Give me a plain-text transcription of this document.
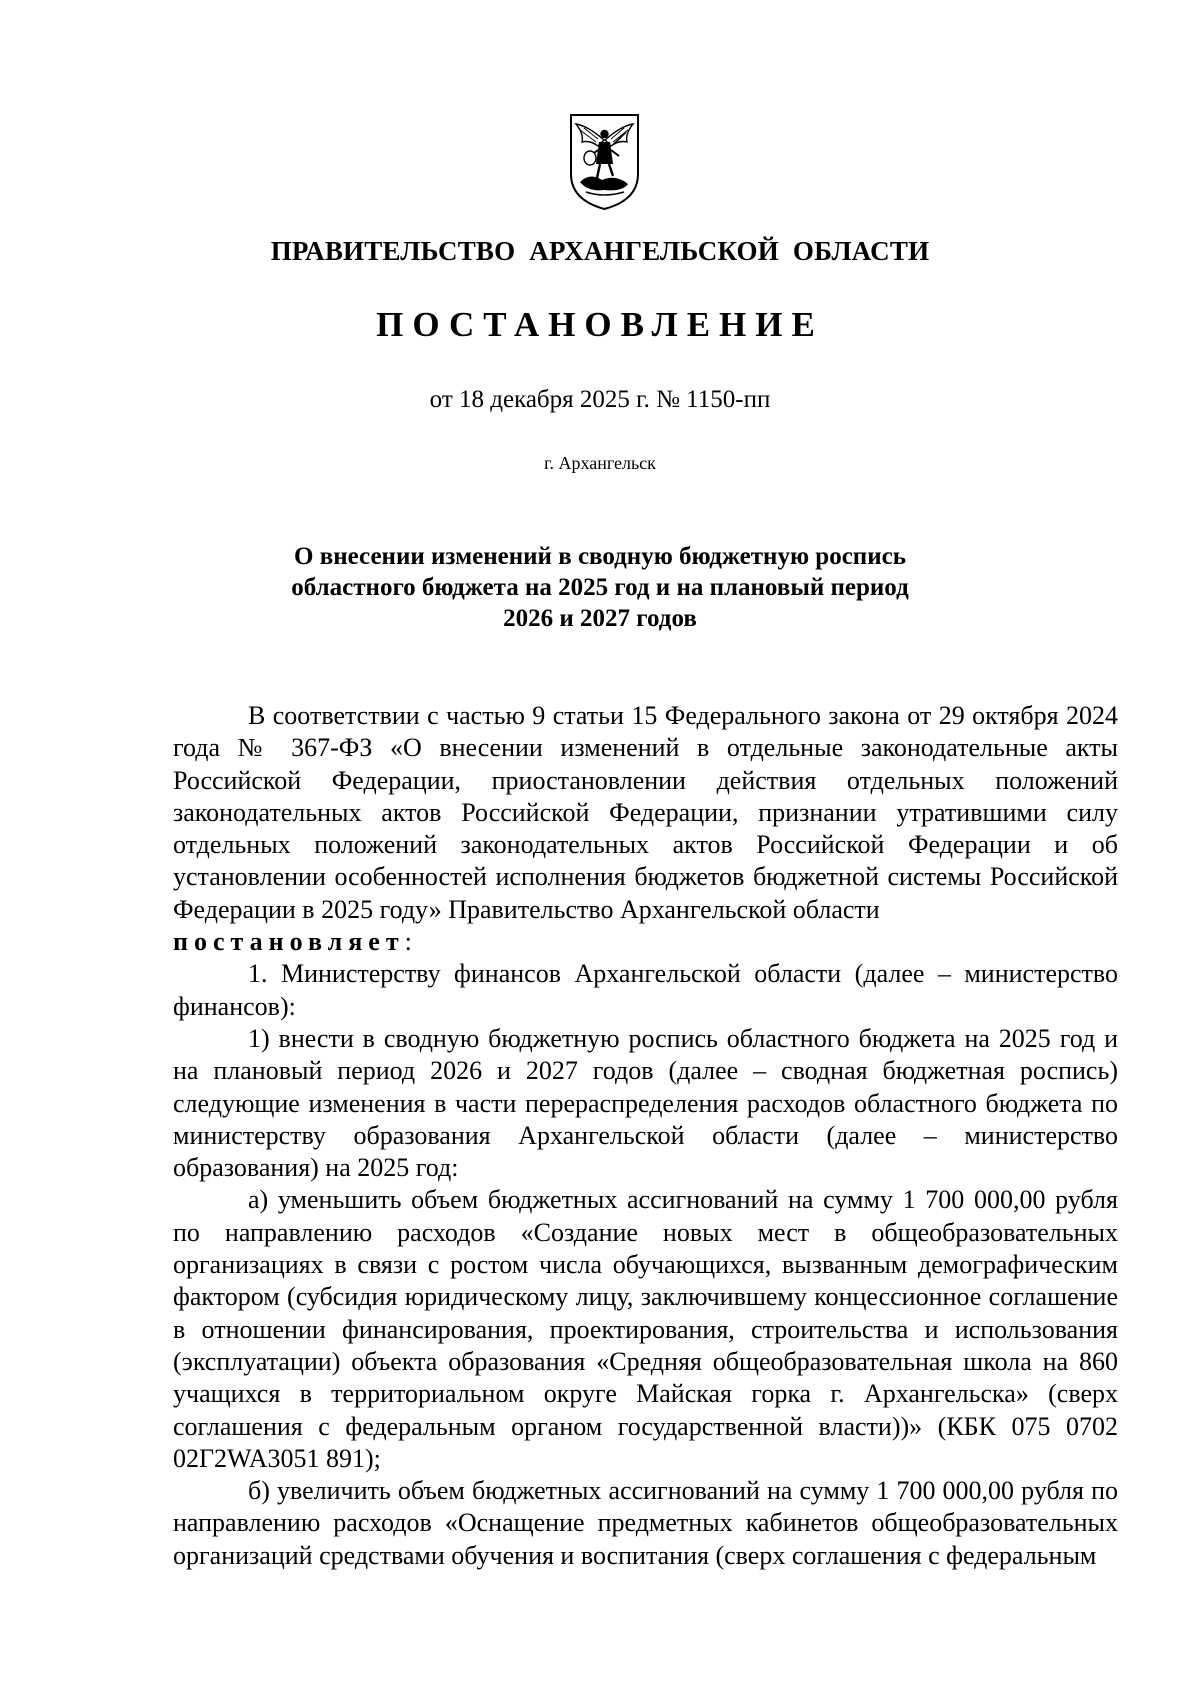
ПРАВИТЕЛЬСТВО АРХАНГЕЛЬСКОЙ ОБЛАСТИ
ПОСТАНОВЛЕНИЕ
от 18 декабря 2025 г. № 1150-пп
г. Архангельск
О внесении изменений в сводную бюджетную роспись
областного бюджета на 2025 год и на плановый период
2026 и 2027 годов

В соответствии с частью 9 статьи 15 Федерального закона от 29 октября 2024 года № 367-ФЗ «О внесении изменений в отдельные законодательные акты Российской Федерации, приостановлении действия отдельных положений законодательных актов Российской Федерации, признании утратившими силу отдельных положений законодательных актов Российской Федерации и об установлении особенностей исполнения бюджетов бюджетной системы Российской Федерации в 2025 году» Правительство Архангельской области

постановляет:

1. Министерству финансов Архангельской области (далее – министерство финансов):

1) внести в сводную бюджетную роспись областного бюджета на 2025 год и на плановый период 2026 и 2027 годов (далее – сводная бюджетная роспись) следующие изменения в части перераспределения расходов областного бюджета по министерству образования Архангельской области (далее – министерство образования) на 2025 год:

а) уменьшить объем бюджетных ассигнований на сумму 1 700 000,00 рубля по направлению расходов «Создание новых мест в общеобразовательных организациях в связи с ростом числа обучающихся, вызванным демографическим фактором (субсидия юридическому лицу, заключившему концессионное соглашение в отношении финансирования, проектирования, строительства и использования (эксплуатации) объекта образования «Средняя общеобразовательная школа на 860 учащихся в территориальном округе Майская горка г. Архангельска» (сверх соглашения с федеральным органом государственной власти))» (КБК 075 0702 02Г2WA3051 891);

б) увеличить объем бюджетных ассигнований на сумму 1 700 000,00 рубля по направлению расходов «Оснащение предметных кабинетов общеобразовательных организаций средствами обучения и воспитания (сверх соглашения с федеральным
